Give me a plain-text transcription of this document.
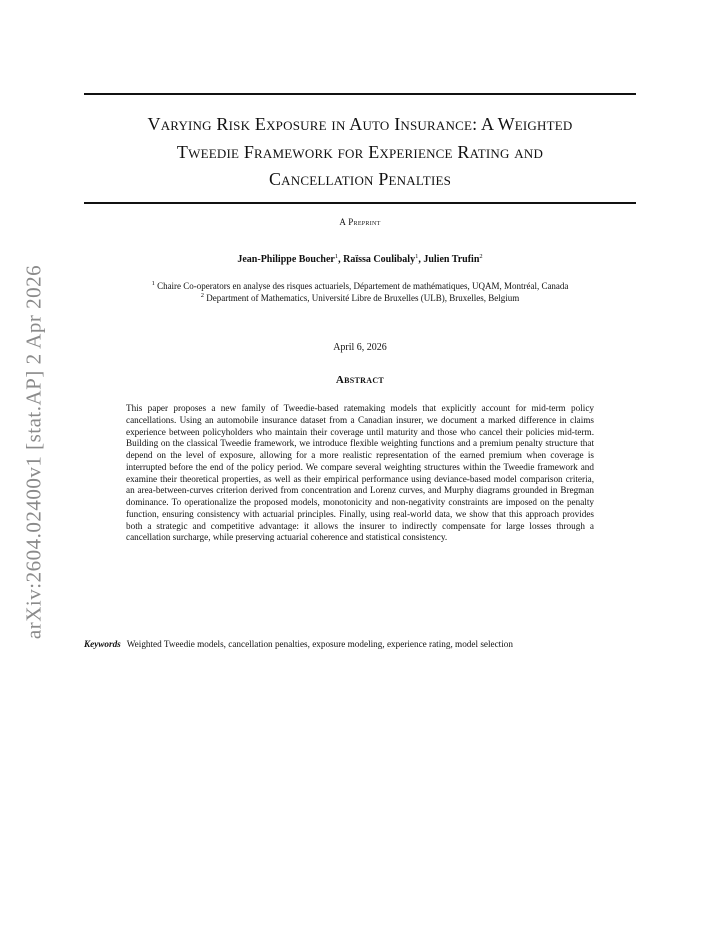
arXiv:2604.02400v1 [stat.AP] 2 Apr 2026
Varying Risk Exposure in Auto Insurance: A Weighted
Tweedie Framework for Experience Rating and
Cancellation Penalties
A Preprint
Jean-Philippe Boucher$^1$, Raïssa Coulibaly$^1$, Julien Trufin$^2$
$^1$ Chaire Co-operators en analyse des risques actuariels, Département de mathématiques, UQAM, Montréal, Canada
$^2$ Department of Mathematics, Université Libre de Bruxelles (ULB), Bruxelles, Belgium
April 6, 2026
Abstract
This paper proposes a new family of Tweedie-based ratemaking models that explicitly account for mid-term policy cancellations. Using an automobile insurance dataset from a Canadian insurer, we document a marked difference in claims experience between policyholders who maintain their coverage until maturity and those who cancel their policies mid-term. Building on the classical Tweedie framework, we introduce flexible weighting functions and a premium penalty structure that depend on the level of exposure, allowing for a more realistic representation of the earned premium when coverage is interrupted before the end of the policy period. We compare several weighting structures within the Tweedie framework and examine their theoretical properties, as well as their empirical performance using deviance-based model comparison criteria, an area-between-curves criterion derived from concentration and Lorenz curves, and Murphy diagrams grounded in Bregman dominance. To operationalize the proposed models, monotonicity and non-negativity constraints are imposed on the penalty function, ensuring consistency with actuarial principles. Finally, using real-world data, we show that this approach provides both a strategic and competitive advantage: it allows the insurer to indirectly compensate for large losses through a cancellation surcharge, while preserving actuarial coherence and statistical consistency.
Keywords Weighted Tweedie models, cancellation penalties, exposure modeling, experience rating, model selection
